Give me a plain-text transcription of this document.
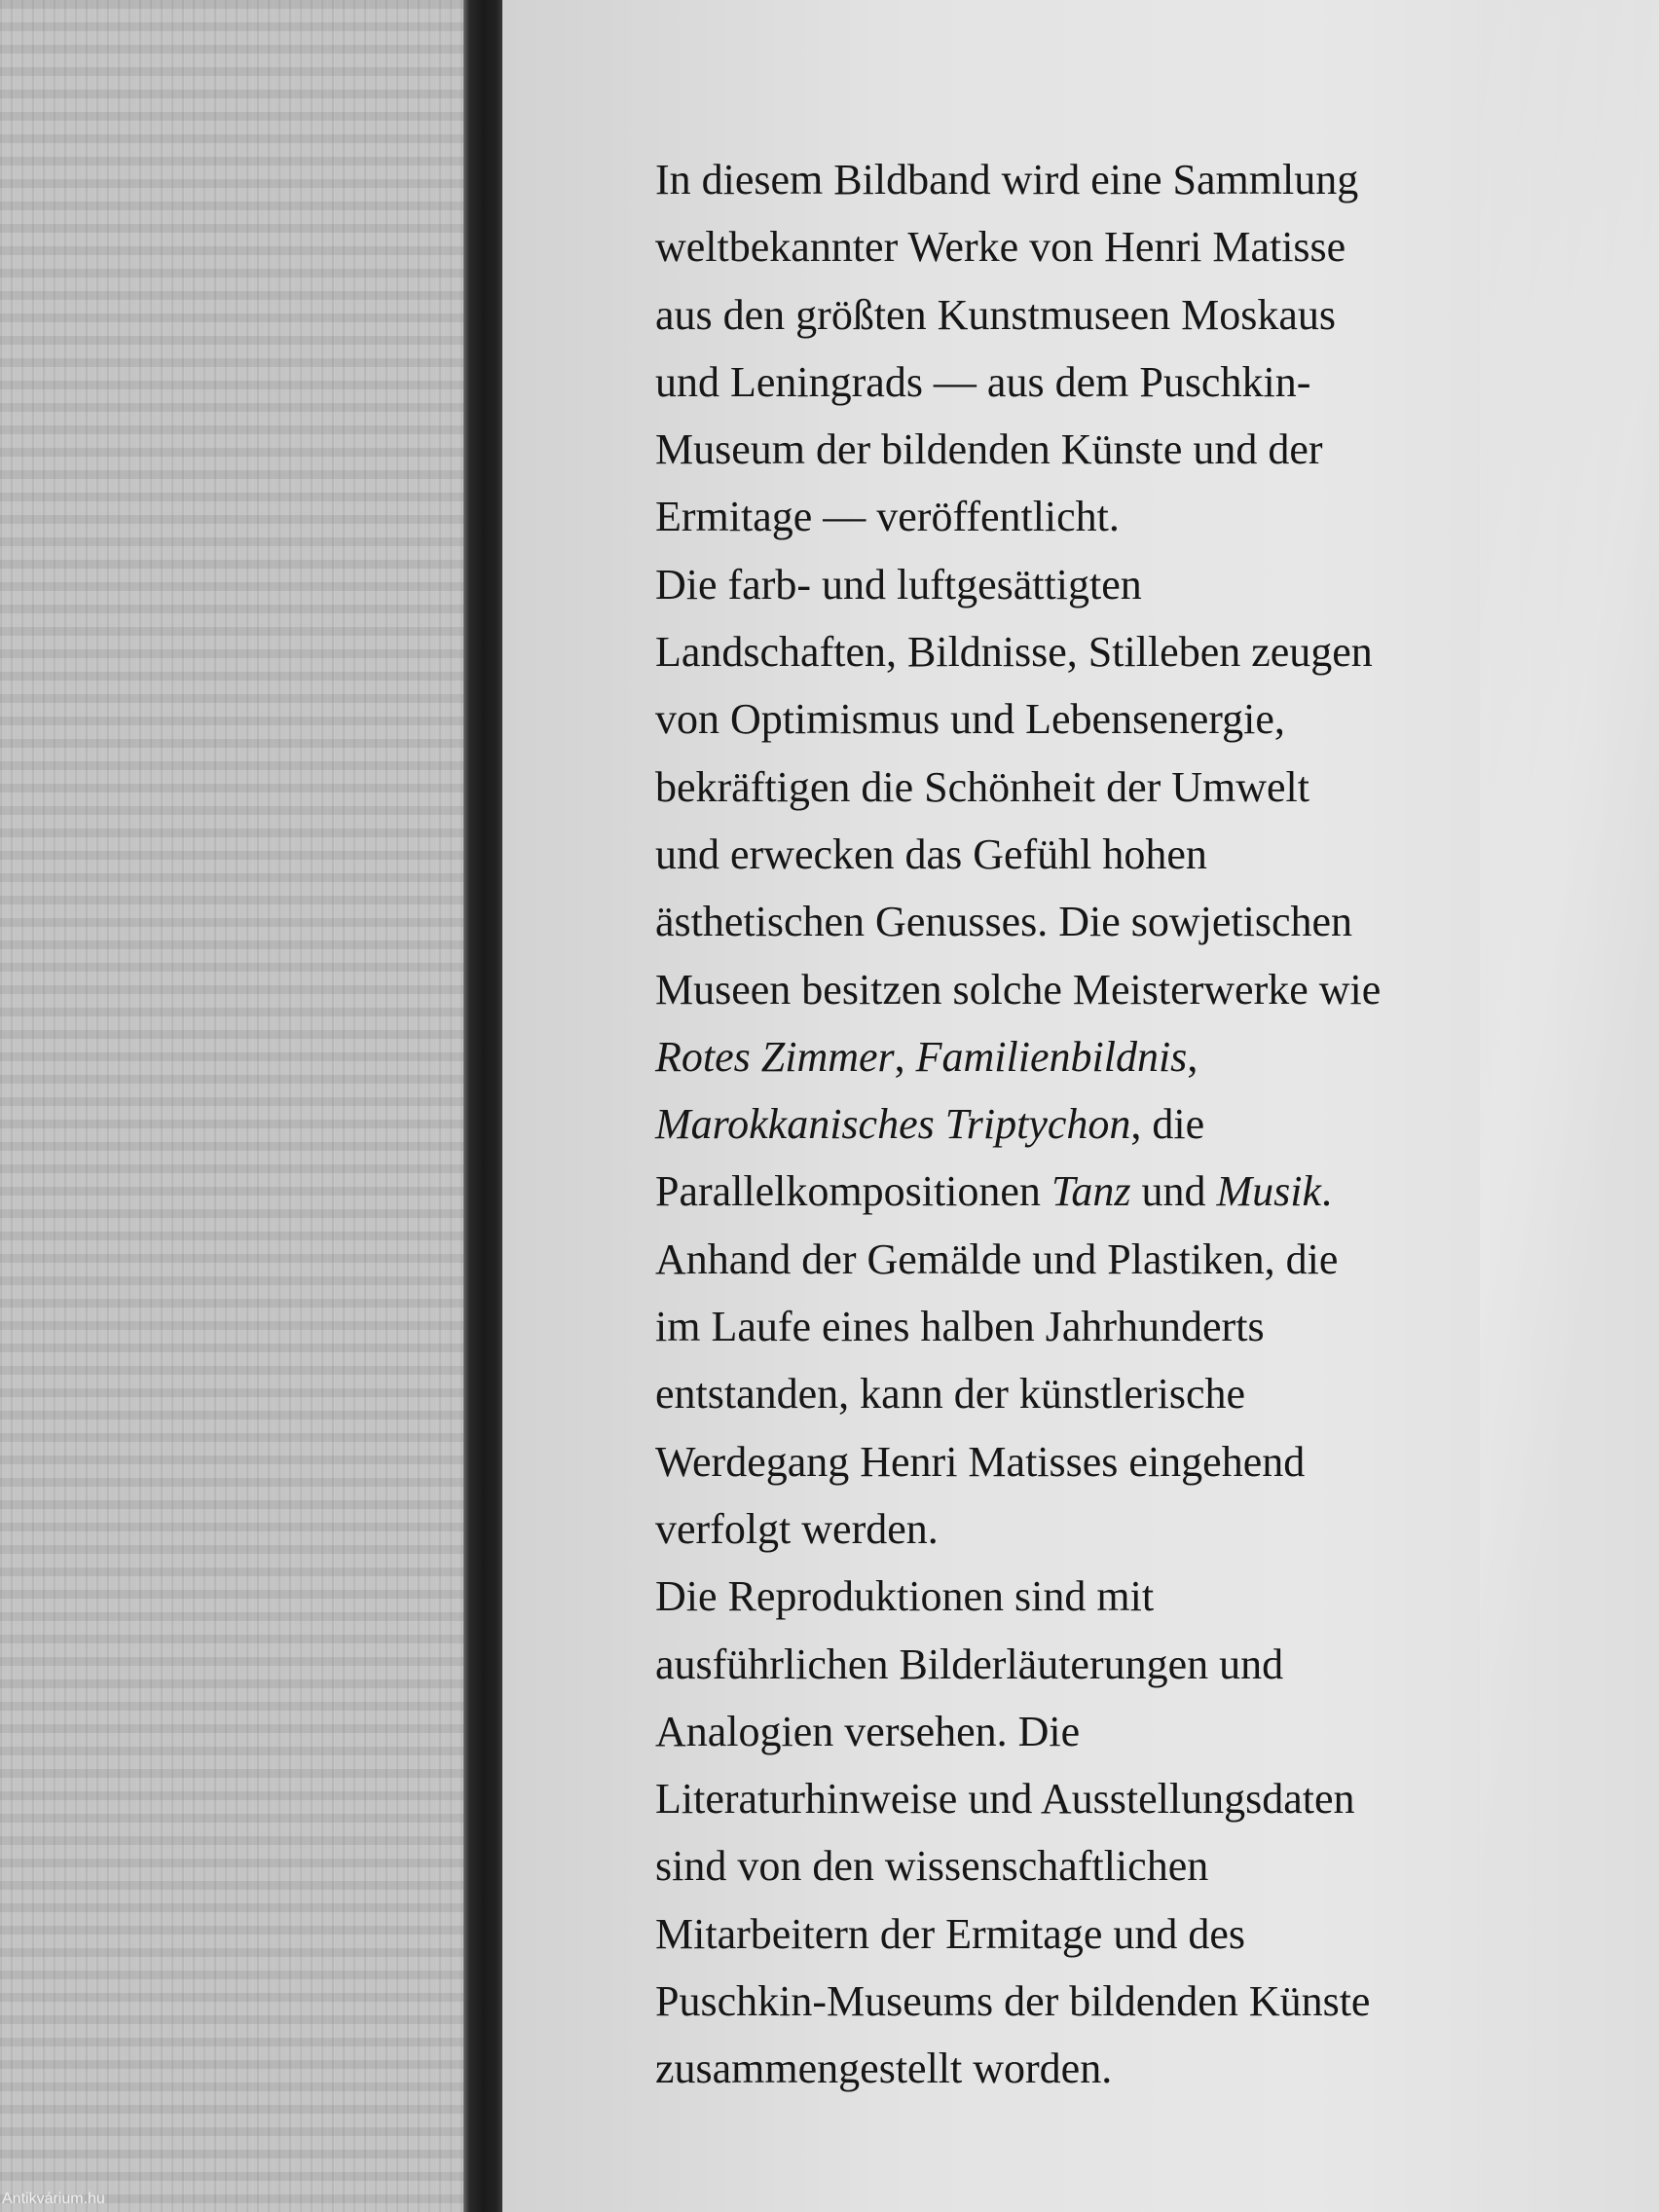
In diesem Bildband wird eine Sammlung
weltbekannter Werke von Henri Matisse
aus den größten Kunstmuseen Moskaus
und Leningrads — aus dem Puschkin-
Museum der bildenden Künste und der
Ermitage — veröffentlicht.
Die farb- und luftgesättigten
Landschaften, Bildnisse, Stilleben zeugen
von Optimismus und Lebensenergie,
bekräftigen die Schönheit der Umwelt
und erwecken das Gefühl hohen
ästhetischen Genusses. Die sowjetischen
Museen besitzen solche Meisterwerke wie
Rotes Zimmer, Familienbildnis,
Marokkanisches Triptychon, die
Parallelkompositionen Tanz und Musik.
Anhand der Gemälde und Plastiken, die
im Laufe eines halben Jahrhunderts
entstanden, kann der künstlerische
Werdegang Henri Matisses eingehend
verfolgt werden.
Die Reproduktionen sind mit
ausführlichen Bilderläuterungen und
Analogien versehen. Die
Literaturhinweise und Ausstellungsdaten
sind von den wissenschaftlichen
Mitarbeitern der Ermitage und des
Puschkin-Museums der bildenden Künste
zusammengestellt worden.
Antikvárium.hu
